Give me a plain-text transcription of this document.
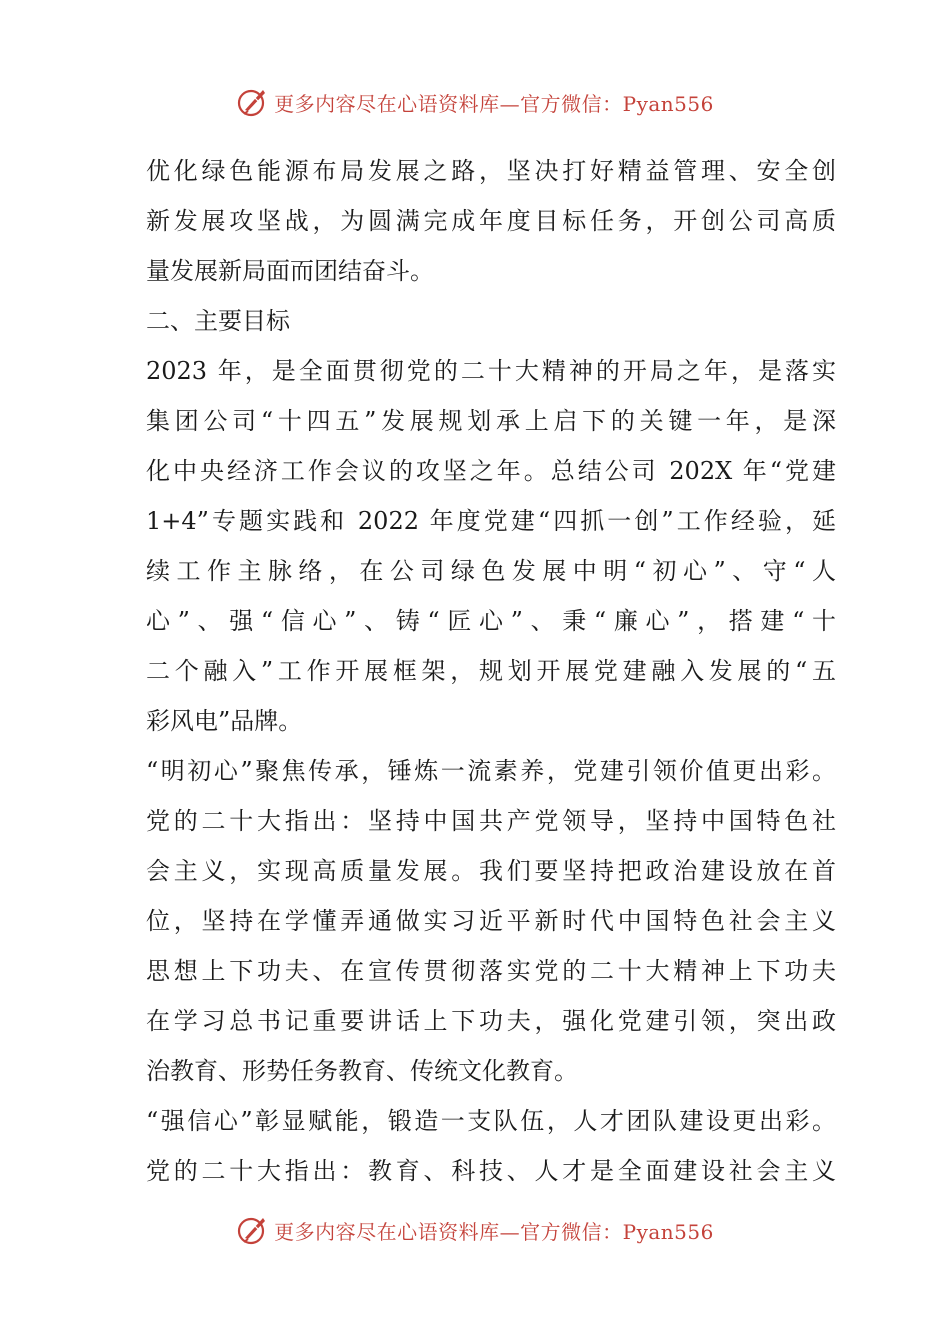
更多内容尽在心语资料库—官方微信：Pyan556
优化绿色能源布局发展之路，坚决打好精益管理、安全创
新发展攻坚战，为圆满完成年度目标任务，开创公司高质
量发展新局面而团结奋斗。
二、主要目标
2023 年，是全面贯彻党的二十大精神的开局之年，是落实
集团公司“十四五”发展规划承上启下的关键一年，是深
化中央经济工作会议的攻坚之年。总结公司 202X 年“党建
1+4”专题实践和 2022 年度党建“四抓一创”工作经验，延
续工作主脉络，在公司绿色发展中明“初心”、守“人
心”、强“信心”、铸“匠心”、秉“廉心”，搭建“十
二个融入”工作开展框架，规划开展党建融入发展的“五
彩风电”品牌。
“明初心”聚焦传承，锤炼一流素养，党建引领价值更出彩。
党的二十大指出：坚持中国共产党领导，坚持中国特色社
会主义，实现高质量发展。我们要坚持把政治建设放在首
位，坚持在学懂弄通做实习近平新时代中国特色社会主义
思想上下功夫、在宣传贯彻落实党的二十大精神上下功夫
在学习总书记重要讲话上下功夫，强化党建引领，突出政
治教育、形势任务教育、传统文化教育。
“强信心”彰显赋能，锻造一支队伍，人才团队建设更出彩。
党的二十大指出：教育、科技、人才是全面建设社会主义
更多内容尽在心语资料库—官方微信：Pyan556
